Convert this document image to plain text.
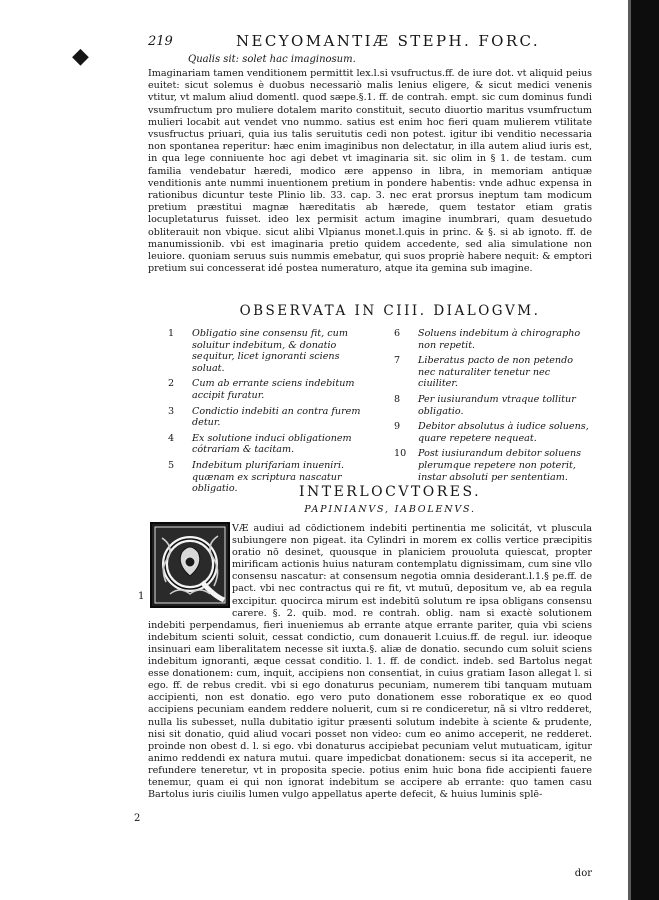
◆
219	NECYOMANTIÆ STEPH. FORC.
Qualis sit: solet hac imaginosum.

Imaginariam tamen venditionem permittit lex.l.si vsufructus.ff. de iure dot. vt aliquid peius euitet: sicut solemus è duobus necessariò malis lenius eligere, & sicut medici venenis vtitur, vt malum aliud domentl. quod sæpe.§.1. ff. de contrah. empt. sic cum dominus fundi vsumfructum pro muliere dotalem marito constituit, secuto diuortio maritus vsumfructum mulieri locabit aut vendet vno nummo. satius est enim hoc fieri quam mulierem vtilitate vsusfructus priuari, quia ius talis seruitutis cedi non potest. igitur ibi venditio necessaria non spontanea reperitur: hæc enim imaginibus non delectatur, in illa autem aliud iuris est, in qua lege conniuente hoc agi debet vt imaginaria sit. sic olim in § 1. de testam. cum familia vendebatur hæredi, modico ære appenso in libra, in memoriam antiquæ venditionis ante nummi inuentionem pretium in pondere habentis: vnde adhuc expensa in rationibus dicuntur teste Plinio lib. 33. cap. 3. nec erat prorsus ineptum tam modicum pretium præstitui magnæ hæreditatis ab hærede, quem testator etiam gratis locupletaturus fuisset. ideo lex permisit actum imagine inumbrari, quam desuetudo obliterauit non vbique. sicut alibi Vlpianus monet.l.quis in princ. & §. si ab ignoto. ff. de manumissionib. vbi est imaginaria pretio quidem accedente, sed alia simulatione non leuiore. quoniam seruus suis nummis emebatur, qui suos propriè habere nequit: & emptori pretium sui concesserat idé postea numeraturo, atque ita gemina sub imagine.

OBSERVATA IN CIII. DIALOGVM.
1 Obligatio sine consensu fit, cum soluitur indebitum, & donatio sequitur, licet ignoranti sciens soluat.
2 Cum ab errante sciens indebitum accipit furatur.
3 Condictio indebiti an contra furem detur.
4 Ex solutione induci obligationem cótrariam & tacitam.
5 Indebitum plurifariam inueniri. quænam ex scriptura nascatur obligatio.
6 Soluens indebitum à chirographo non repetit.
7 Liberatus pacto de non petendo nec naturaliter tenetur nec ciuiliter.
8 Per iusiurandum vtraque tollitur obligatio.
9 Debitor absolutus à iudice soluens, quare repetere nequeat.
10 Post iusiurandum debitor soluens plerumque repetere non poterit, instar absoluti per sententiam.
INTERLOCVTORES.
PAPINIANVS, IABOLENVS.
1
2

VÆ audiui ad cōdictionem indebiti pertinentia me solicitát, vt pluscula subiungere non pigeat. ita Cylindri in morem ex collis vertice præcipitis oratio nō desinet, quousque in planiciem prouoluta quiescat, propter mirificam actionis huius naturam contemplatu dignissimam, cum sine vllo consensu nascatur: at consensum negotia omnia desiderant.l.1.§ pe.ff. de pact. vbi nec contractus qui re fit, vt mutuū, depositum ve, ab ea regula excipitur. quocirca mirum est indebitū solutum re ipsa obligans consensu carere. §. 2. quib. mod. re contrah. oblig. nam si exactè solutionem indebiti perpendamus, fieri inueniemus ab errante atque errante pariter, quia vbi sciens indebitum scienti soluit, cessat condictio, cum donauerit l.cuius.ff. de regul. iur. ideoque insinuari eam liberalitatem necesse sit iuxta.§. aliæ de donatio. secundo cum soluit sciens indebitum ignoranti, æque cessat conditio. l. 1. ff. de condict. indeb. sed Bartolus negat esse donationem: cum, inquit, accipiens non consentiat, in cuius gratiam Iason allegat l. si ego. ff. de rebus credit. vbi si ego donaturus pecuniam, numerem tibi tanquam mutuam accipienti, non est donatio. ego vero puto donationem esse roboratique ex eo quod accipiens pecuniam eandem reddere noluerit, cum si re condiceretur, nã si vltro redderet, nulla lis subesset, nulla dubitatio igitur præsenti solutum indebite à sciente & prudente, nisi sit donatio, quid aliud vocari posset non video: cum eo animo acceperit, ne redderet. proinde non obest d. l. si ego. vbi donaturus accipiebat pecuniam velut mutuaticam, igitur animo reddendi ex natura mutui. quare impedicbat donationem: secus si ita acceperit, ne refundere teneretur, vt in proposita specie. potius enim huic bona fide accipienti fauere tenemur, quam ei qui non ignorat indebitum se accipere ab errante: quo tamen casu Bartolus iuris ciuilis lumen vulgo appellatus aperte defecit, & huius luminis splē-

dor
